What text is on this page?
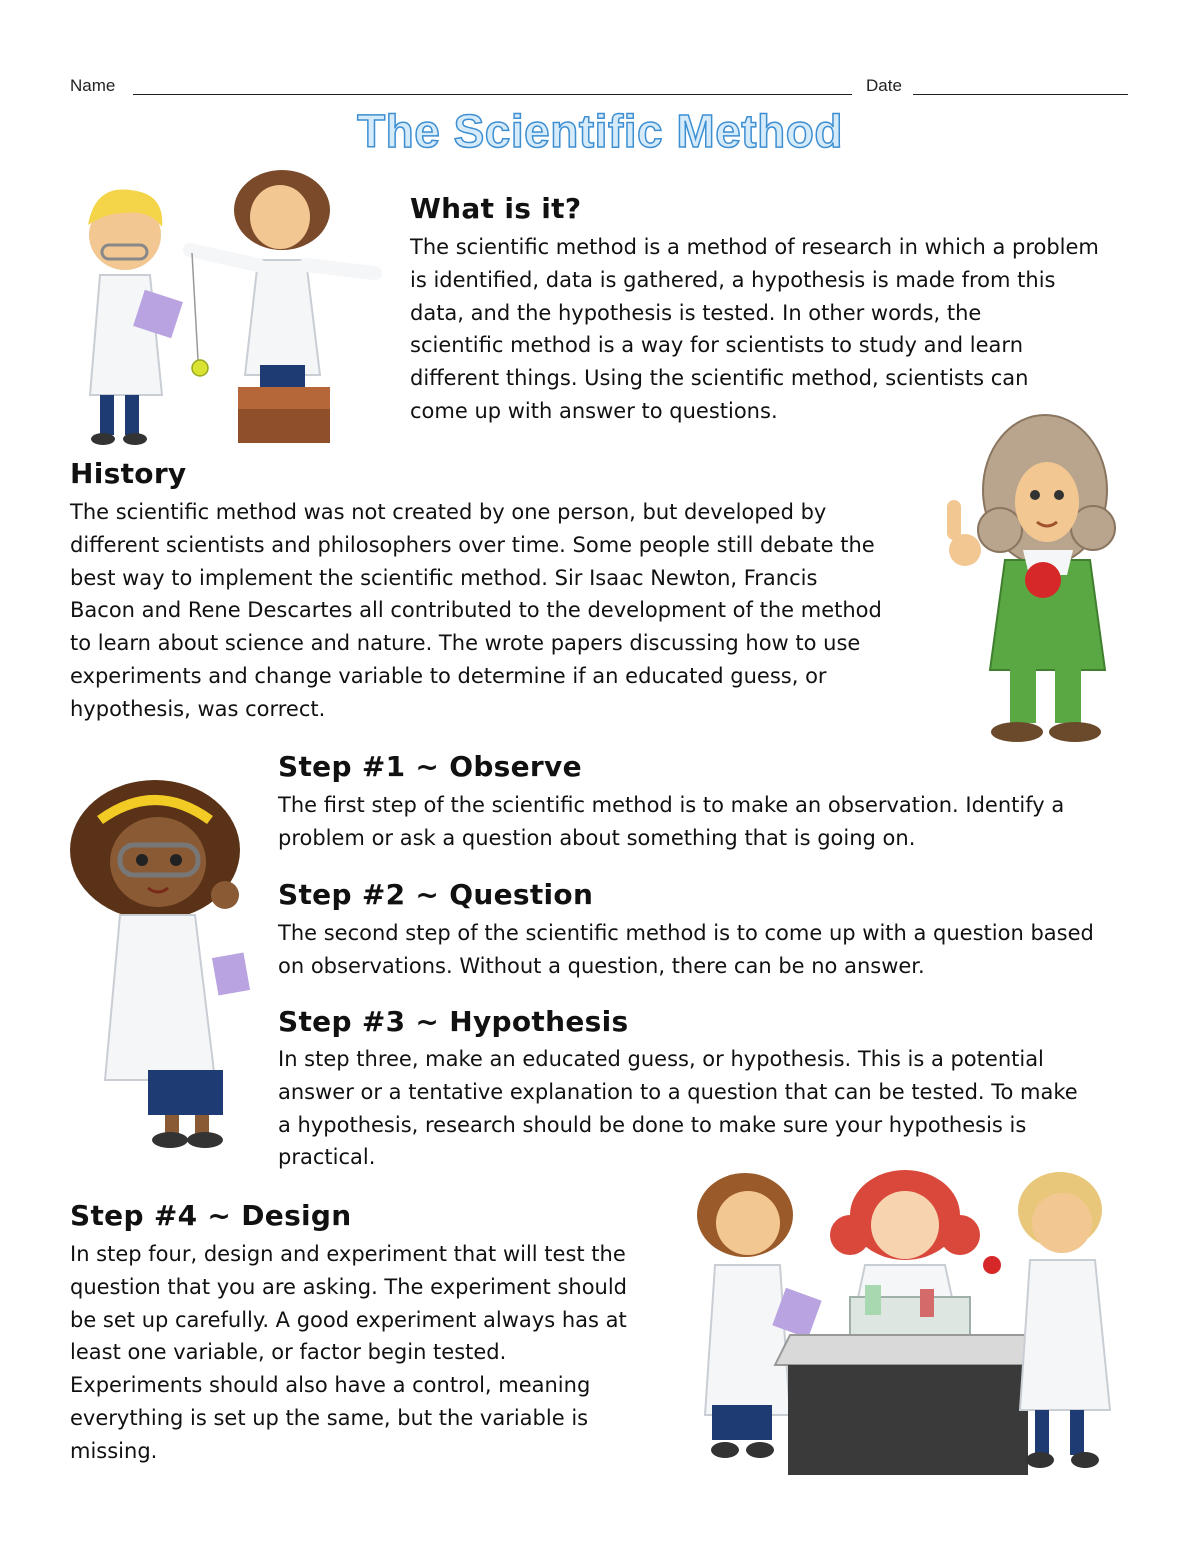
Name	Date
The Scientific Method
What is it?
The scientific method is a method of research in which a problem
is identified, data is gathered, a hypothesis is made from this
data, and the hypothesis is tested. In other words, the
scientific method is a way for scientists to study and learn
different things. Using the scientific method, scientists can
come up with answer to questions.
History
The scientific method was not created by one person, but developed by
different scientists and philosophers over time. Some people still debate the
best way to implement the scientific method. Sir Isaac Newton, Francis
Bacon and Rene Descartes all contributed to the development of the method
to learn about science and nature. The wrote papers discussing how to use
experiments and change variable to determine if an educated guess, or
hypothesis, was correct.
Step #1 ~ Observe
The first step of the scientific method is to make an observation. Identify a
problem or ask a question about something that is going on.
Step #2 ~ Question
The second step of the scientific method is to come up with a question based
on observations. Without a question, there can be no answer.
Step #3 ~ Hypothesis
In step three, make an educated guess, or hypothesis. This is a potential
answer or a tentative explanation to a question that can be tested. To make
a hypothesis, research should be done to make sure your hypothesis is
practical.
Step #4 ~ Design
In step four, design and experiment that will test the
question that you are asking. The experiment should
be set up carefully. A good experiment always has at
least one variable, or factor begin tested.
Experiments should also have a control, meaning
everything is set up the same, but the variable is
missing.
